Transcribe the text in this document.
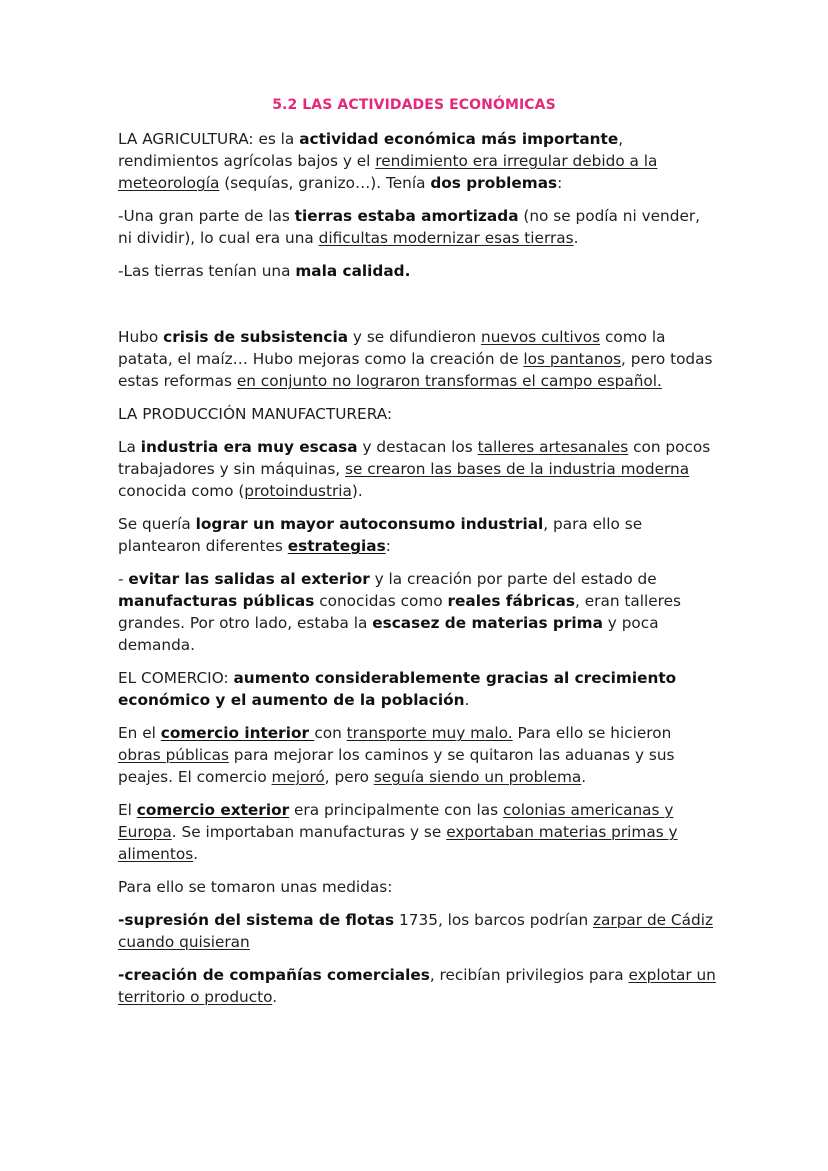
5.2 LAS ACTIVIDADES ECONÓMICAS

LA AGRICULTURA: es la actividad económica más importante, rendimientos agrícolas bajos y el rendimiento era irregular debido a la meteorología (sequías, granizo…). Tenía dos problemas:

-Una gran parte de las tierras estaba amortizada (no se podía ni vender, ni dividir), lo cual era una dificultas modernizar esas tierras.

-Las tierras tenían una mala calidad.

Hubo crisis de subsistencia y se difundieron nuevos cultivos como la patata, el maíz… Hubo mejoras como la creación de los pantanos, pero todas estas reformas en conjunto no lograron transformas el campo español.

LA PRODUCCIÓN MANUFACTURERA:

La industria era muy escasa y destacan los talleres artesanales con pocos trabajadores y sin máquinas, se crearon las bases de la industria moderna conocida como (protoindustria).

Se quería lograr un mayor autoconsumo industrial, para ello se plantearon diferentes estrategias:

- evitar las salidas al exterior y la creación por parte del estado de manufacturas públicas conocidas como reales fábricas, eran talleres grandes. Por otro lado, estaba la escasez de materias prima y poca demanda.

EL COMERCIO: aumento considerablemente gracias al crecimiento económico y el aumento de la población.

En el comercio interior con transporte muy malo. Para ello se hicieron obras públicas para mejorar los caminos y se quitaron las aduanas y sus peajes. El comercio mejoró, pero seguía siendo un problema.

El comercio exterior era principalmente con las colonias americanas y Europa. Se importaban manufacturas y se exportaban materias primas y alimentos.

Para ello se tomaron unas medidas:

-supresión del sistema de flotas 1735, los barcos podrían zarpar de Cádiz cuando quisieran

-creación de compañías comerciales, recibían privilegios para explotar un territorio o producto.
